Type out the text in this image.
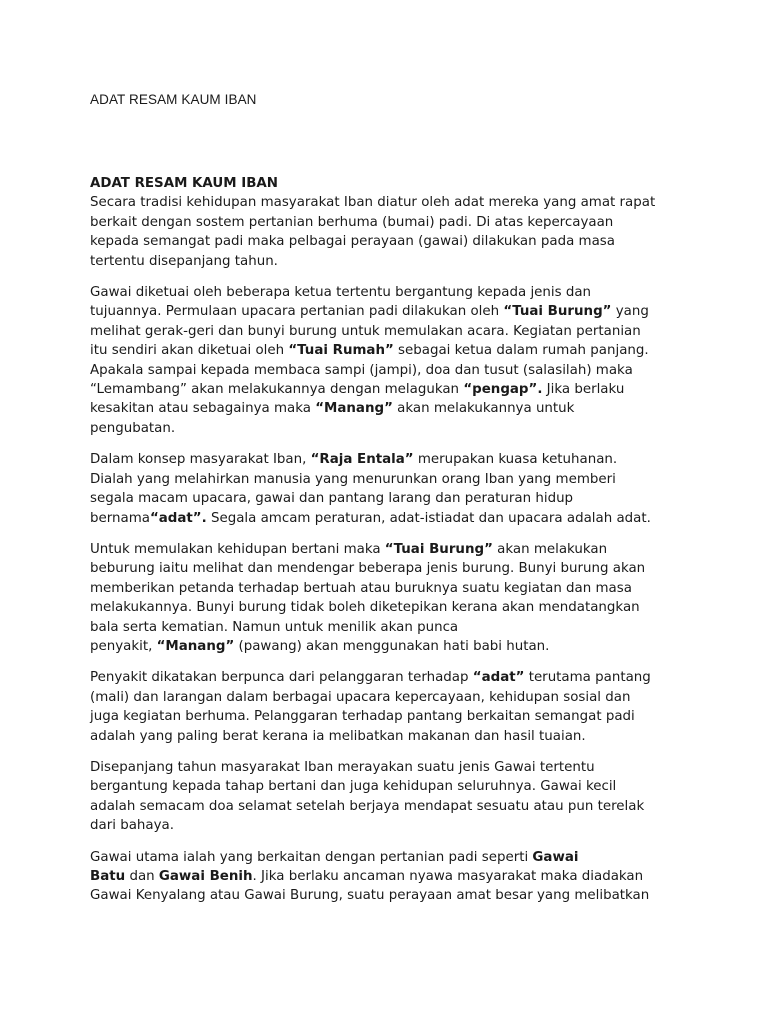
ADAT RESAM KAUM IBAN
ADAT RESAM KAUM IBAN

Secara tradisi kehidupan masyarakat Iban diatur oleh adat mereka yang amat rapat
berkait dengan sostem pertanian berhuma (bumai) padi. Di atas kepercayaan
kepada semangat padi maka pelbagai perayaan (gawai) dilakukan pada masa
tertentu disepanjang tahun.

Gawai diketuai oleh beberapa ketua tertentu bergantung kepada jenis dan
tujuannya. Permulaan upacara pertanian padi dilakukan oleh “Tuai Burung” yang
melihat gerak-geri dan bunyi burung untuk memulakan acara. Kegiatan pertanian
itu sendiri akan diketuai oleh “Tuai Rumah” sebagai ketua dalam rumah panjang.
Apakala sampai kepada membaca sampi (jampi), doa dan tusut (salasilah) maka
“Lemambang” akan melakukannya dengan melagukan “pengap”. Jika berlaku
kesakitan atau sebagainya maka “Manang” akan melakukannya untuk
pengubatan.

Dalam konsep masyarakat Iban, “Raja Entala” merupakan kuasa ketuhanan.
Dialah yang melahirkan manusia yang menurunkan orang Iban yang memberi
segala macam upacara, gawai dan pantang larang dan peraturan hidup
bernama“adat”. Segala amcam peraturan, adat-istiadat dan upacara adalah adat.

Untuk memulakan kehidupan bertani maka “Tuai Burung” akan melakukan
beburung iaitu melihat dan mendengar beberapa jenis burung. Bunyi burung akan
memberikan petanda terhadap bertuah atau buruknya suatu kegiatan dan masa
melakukannya. Bunyi burung tidak boleh diketepikan kerana akan mendatangkan
bala serta kematian. Namun untuk menilik akan punca
penyakit, “Manang” (pawang) akan menggunakan hati babi hutan.

Penyakit dikatakan berpunca dari pelanggaran terhadap “adat” terutama pantang
(mali) dan larangan dalam berbagai upacara kepercayaan, kehidupan sosial dan
juga kegiatan berhuma. Pelanggaran terhadap pantang berkaitan semangat padi
adalah yang paling berat kerana ia melibatkan makanan dan hasil tuaian.

Disepanjang tahun masyarakat Iban merayakan suatu jenis Gawai tertentu
bergantung kepada tahap bertani dan juga kehidupan seluruhnya. Gawai kecil
adalah semacam doa selamat setelah berjaya mendapat sesuatu atau pun terelak
dari bahaya.

Gawai utama ialah yang berkaitan dengan pertanian padi seperti Gawai
Batu dan Gawai Benih. Jika berlaku ancaman nyawa masyarakat maka diadakan
Gawai Kenyalang atau Gawai Burung, suatu perayaan amat besar yang melibatkan
